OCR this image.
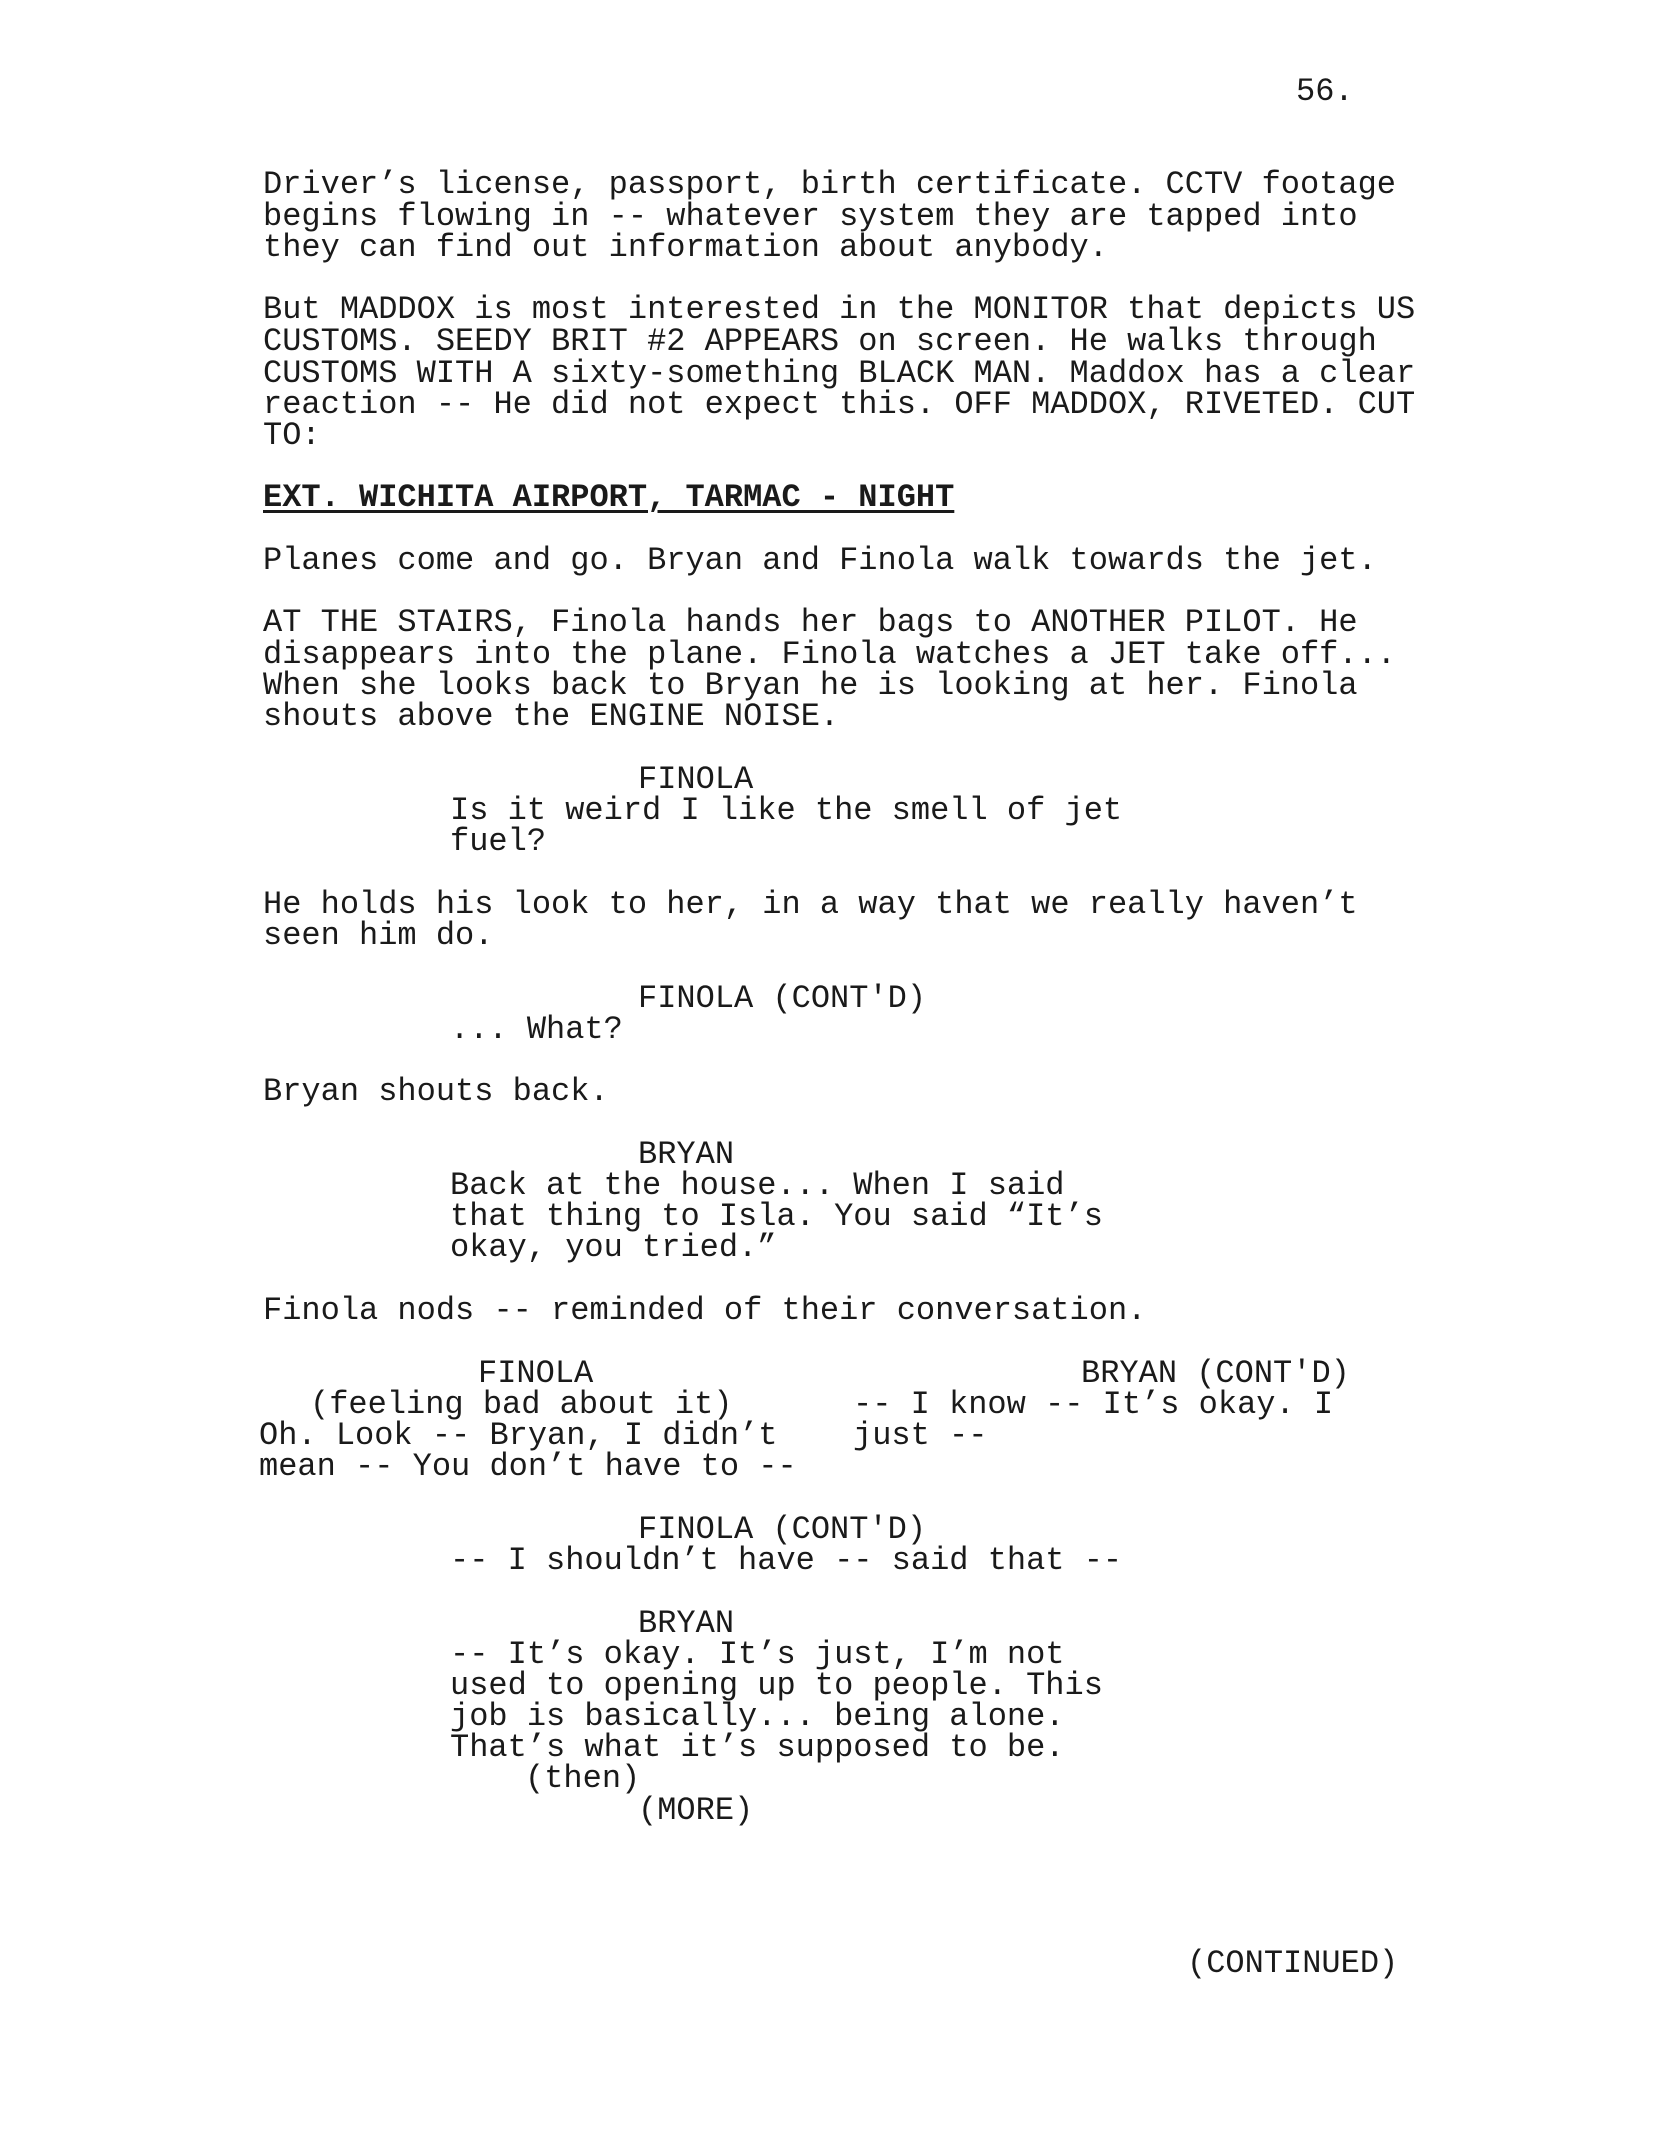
56.
Driver’s license, passport, birth certificate. CCTV footage
begins flowing in -- whatever system they are tapped into
they can find out information about anybody.
But MADDOX is most interested in the MONITOR that depicts US
CUSTOMS. SEEDY BRIT #2 APPEARS on screen. He walks through
CUSTOMS WITH A sixty-something BLACK MAN. Maddox has a clear
reaction -- He did not expect this. OFF MADDOX, RIVETED. CUT
TO:
EXT. WICHITA AIRPORT, TARMAC - NIGHT
Planes come and go. Bryan and Finola walk towards the jet.
AT THE STAIRS, Finola hands her bags to ANOTHER PILOT. He
disappears into the plane. Finola watches a JET take off...
When she looks back to Bryan he is looking at her. Finola
shouts above the ENGINE NOISE.
FINOLA
Is it weird I like the smell of jet
fuel?
He holds his look to her, in a way that we really haven’t
seen him do.
FINOLA (CONT'D)
... What?
Bryan shouts back.
BRYAN
Back at the house... When I said
that thing to Isla. You said “It’s
okay, you tried.”
Finola nods -- reminded of their conversation.
FINOLA
(feeling bad about it)
Oh. Look -- Bryan, I didn’t
mean -- You don’t have to --
BRYAN (CONT'D)
-- I know -- It’s okay. I
just --
FINOLA (CONT'D)
-- I shouldn’t have -- said that --
BRYAN
-- It’s okay. It’s just, I’m not
used to opening up to people. This
job is basically... being alone.
That’s what it’s supposed to be.
(then)
(MORE)
(CONTINUED)
